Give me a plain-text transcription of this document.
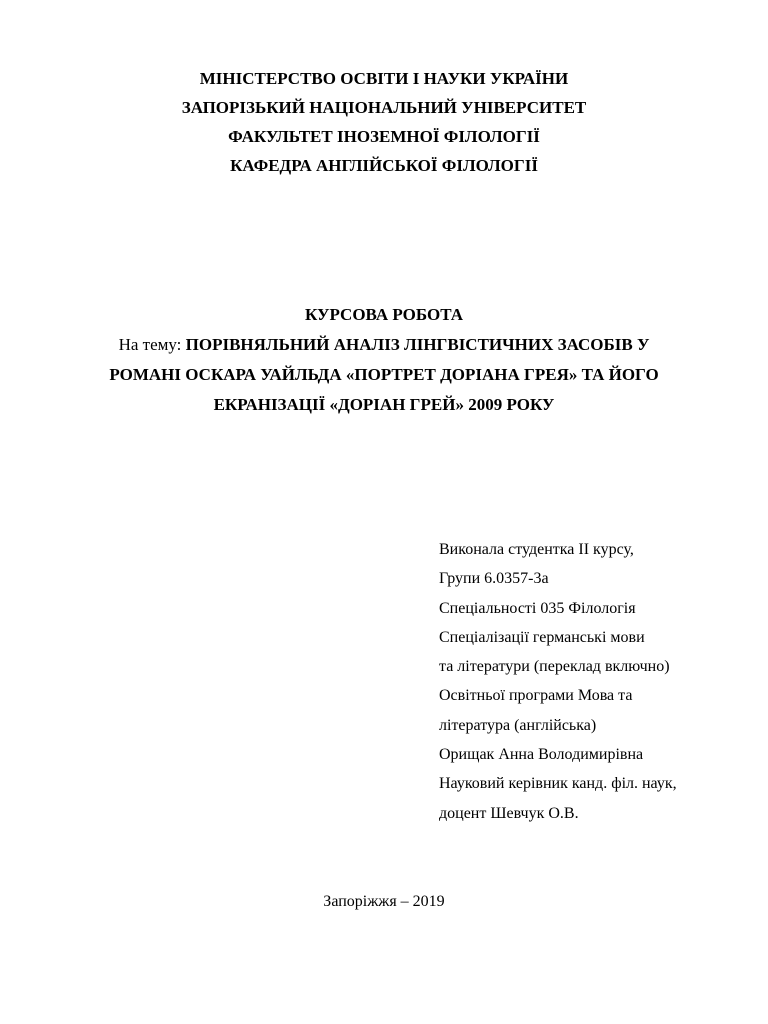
МІНІСТЕРСТВО ОСВІТИ І НАУКИ УКРАЇНИ
ЗАПОРІЗЬКИЙ НАЦІОНАЛЬНИЙ УНІВЕРСИТЕТ
ФАКУЛЬТЕТ ІНОЗЕМНОЇ ФІЛОЛОГІЇ
КАФЕДРА АНГЛІЙСЬКОЇ ФІЛОЛОГІЇ
КУРСОВА РОБОТА
На тему: ПОРІВНЯЛЬНИЙ АНАЛІЗ ЛІНГВІСТИЧНИХ ЗАСОБІВ У
РОМАНІ ОСКАРА УАЙЛЬДА «ПОРТРЕТ ДОРІАНА ГРЕЯ» ТА ЙОГО
ЕКРАНІЗАЦІЇ «ДОРІАН ГРЕЙ» 2009 РОКУ
Виконала студентка ІІ курсу,
Групи 6.0357-3а
Спеціальності 035 Філологія
Спеціалізації германські мови
та літератури (переклад включно)
Освітньої програми Мова та
література (англійська)
Орищак Анна Володимирівна
Науковий керівник канд. філ. наук,
доцент Шевчук О.В.
Запоріжжя – 2019
